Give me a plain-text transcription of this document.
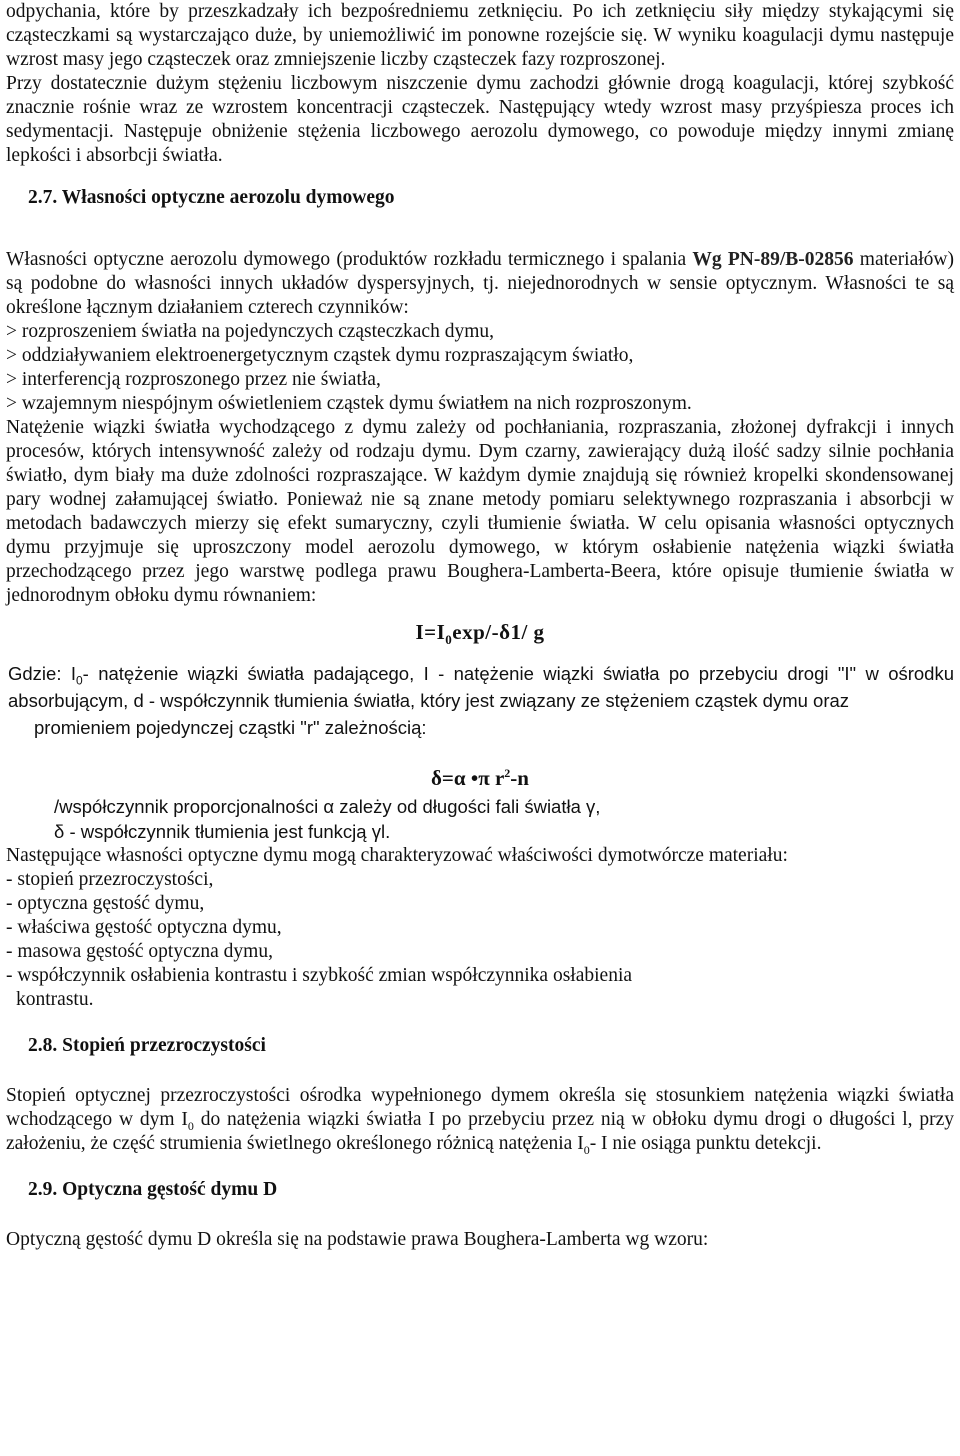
odpychania, które by przeszkadzały ich bezpośredniemu zetknięciu. Po ich zetknięciu siły między stykającymi się cząsteczkami są wystarczająco duże, by uniemożliwić im ponowne rozejście się. W wyniku koagulacji dymu następuje wzrost masy jego cząsteczek oraz zmniejszenie liczby cząsteczek fazy rozproszonej.

Przy dostatecznie dużym stężeniu liczbowym niszczenie dymu zachodzi głównie drogą koagulacji, której szybkość znacznie rośnie wraz ze wzrostem koncentracji cząsteczek. Następujący wtedy wzrost masy przyśpiesza proces ich sedymentacji. Następuje obniżenie stężenia liczbowego aerozolu dymowego, co powoduje między innymi zmianę lepkości i absorbcji światła.

2.7. Własności optyczne aerozolu dymowego

Własności optyczne aerozolu dymowego (produktów rozkładu termicznego i spalania Wg PN-89/B-02856 materiałów) są podobne do własności innych układów dyspersyjnych, tj. niejednorodnych w sensie optycznym. Własności te są określone łącznym działaniem czterech czynników:

> rozproszeniem światła na pojedynczych cząsteczkach dymu,

> oddziaływaniem elektroenergetycznym cząstek dymu rozpraszającym światło,

> interferencją rozproszonego przez nie światła,

> wzajemnym niespójnym oświetleniem cząstek dymu światłem na nich rozproszonym.

Natężenie wiązki światła wychodzącego z dymu zależy od pochłaniania, rozpraszania, złożonej dyfrakcji i innych procesów, których intensywność zależy od rodzaju dymu. Dym czarny, zawierający dużą ilość sadzy silnie pochłania światło, dym biały ma duże zdolności rozpraszające. W każdym dymie znajdują się również kropelki skondensowanej pary wodnej załamującej światło. Ponieważ nie są znane metody pomiaru selektywnego rozpraszania i absorbcji w metodach badawczych mierzy się efekt sumaryczny, czyli tłumienie światła. W celu opisania własności optycznych dymu przyjmuje się uproszczony model aerozolu dymowego, w którym osłabienie natężenia wiązki światła przechodzącego przez jego warstwę podlega prawu Boughera-Lamberta-Beera, które opisuje tłumienie światła w jednorodnym obłoku dymu równaniem:

$I=I_0\exp/-\delta 1/$ g

Gdzie: $I_0-$ natężenie wiązki światła padającego, I - natężenie wiązki światła po przebyciu drogi "I" w ośrodku absorbującym, d - współczynnik tłumienia światła, który jest związany ze stężeniem cząstek dymu oraz

promieniem pojedynczej cząstki "r" zależnością:

δ=α •π $r^2-n$

/współczynnik proporcjonalności α zależy od długości fali światła γ,

δ - współczynnik tłumienia jest funkcją γl.

Następujące własności optyczne dymu mogą charakteryzować właściwości dymotwórcze materiału:

- stopień przezroczystości,

- optyczna gęstość dymu,

- właściwa gęstość optyczna dymu,

- masowa gęstość optyczna dymu,

- współczynnik osłabienia kontrastu i szybkość zmian współczynnika osłabienia

kontrastu.

2.8. Stopień przezroczystości

Stopień optycznej przezroczystości ośrodka wypełnionego dymem określa się stosunkiem natężenia wiązki światła wchodzącego w dym $I_0$ do natężenia wiązki światła I po przebyciu przez nią w obłoku dymu drogi o długości l, przy założeniu, że część strumienia świetlnego określonego różnicą natężenia $I_0-$ I nie osiąga punktu detekcji.

2.9. Optyczna gęstość dymu D

Optyczną gęstość dymu D określa się na podstawie prawa Boughera-Lamberta wg wzoru:
